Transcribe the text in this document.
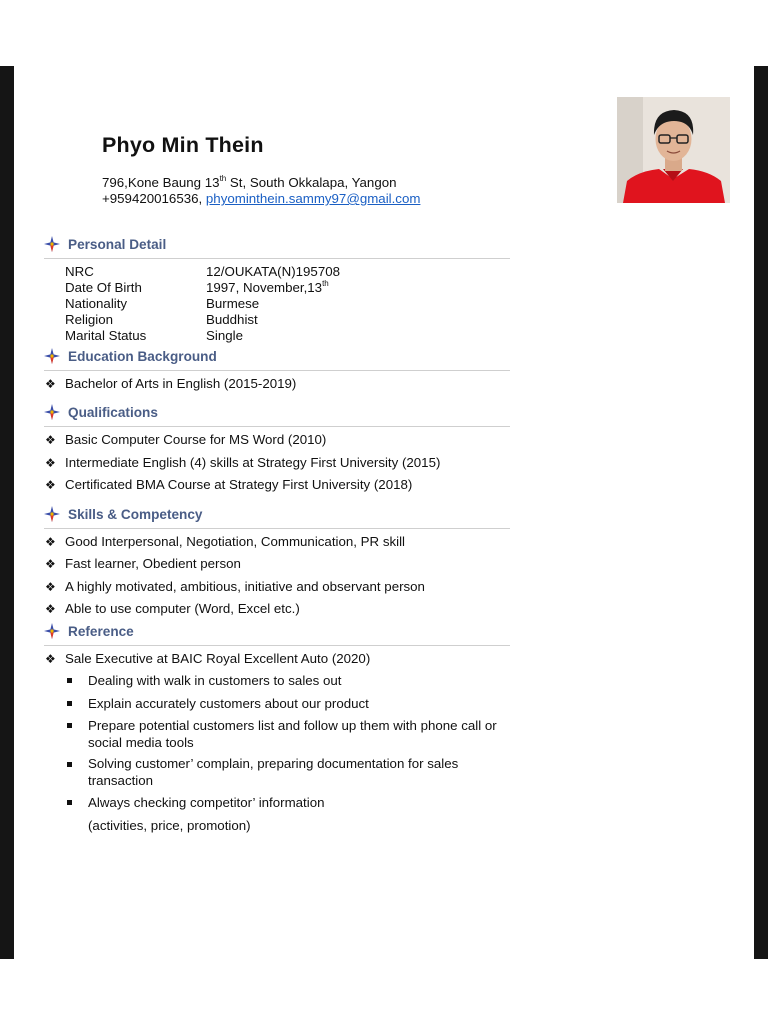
Phyo Min Thein
796,Kone Baung 13th St, South Okkalapa, Yangon
+959420016536, phyominthein.sammy97@gmail.com
Personal Detail
NRC	12/OUKATA(N)195708
Date Of Birth	1997, November,13th
Nationality	Burmese
Religion	Buddhist
Marital Status	Single
Education Background
❖ Bachelor of Arts in English (2015-2019)
Qualifications
❖ Basic Computer Course for MS Word (2010)
❖ Intermediate English (4) skills at Strategy First University (2015)
❖ Certificated BMA Course at Strategy First University (2018)
Skills & Competency
❖ Good Interpersonal, Negotiation, Communication, PR skill
❖ Fast learner, Obedient person
❖ A highly motivated, ambitious, initiative and observant person
❖ Able to use computer (Word, Excel etc.)
Reference
❖ Sale Executive at BAIC Royal Excellent Auto (2020)
Dealing with walk in customers to sales out
Explain accurately customers about our product
Prepare potential customers list and follow up them with phone call or social media tools
Solving customer’ complain, preparing documentation for sales transaction
Always checking competitor’ information
(activities, price, promotion)
